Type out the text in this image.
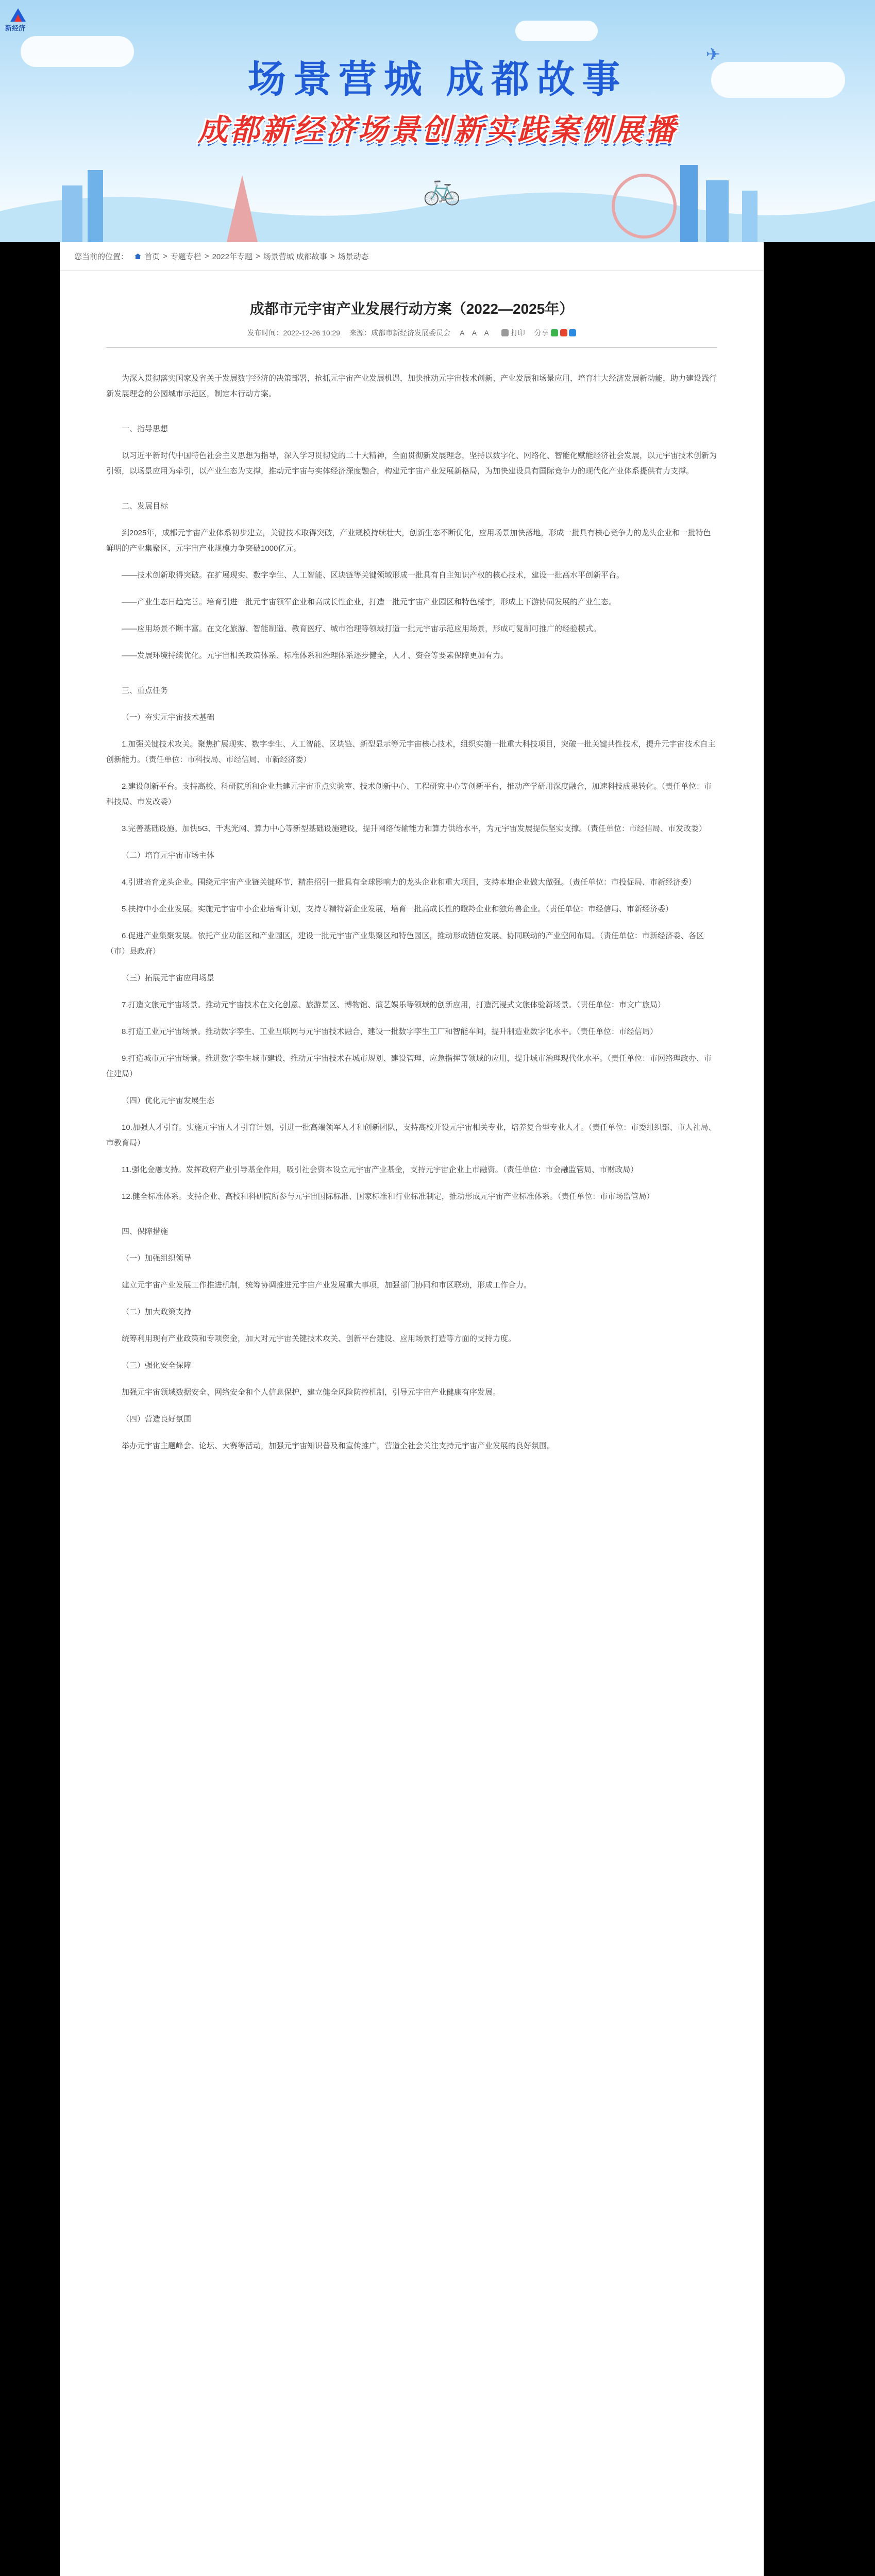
新经济
✈
场景营城 成都故事
成都新经济场景创新实践案例展播
🚲
您当前的位置： 首页 > 专题专栏 > 2022年专题 > 场景营城 成都故事 > 场景动态
成都市元宇宙产业发展行动方案（2022—2025年）
发布时间：2022-12-26 10:29 来源：成都市新经济发展委员会 A A A	打印 分享

为深入贯彻落实国家及省关于发展数字经济的决策部署，抢抓元宇宙产业发展机遇，加快推动元宇宙技术创新、产业发展和场景应用，培育壮大经济发展新动能，助力建设践行新发展理念的公园城市示范区，制定本行动方案。

一、指导思想

以习近平新时代中国特色社会主义思想为指导，深入学习贯彻党的二十大精神，全面贯彻新发展理念，坚持以数字化、网络化、智能化赋能经济社会发展，以元宇宙技术创新为引领，以场景应用为牵引，以产业生态为支撑，推动元宇宙与实体经济深度融合，构建元宇宙产业发展新格局，为加快建设具有国际竞争力的现代化产业体系提供有力支撑。

二、发展目标

到2025年，成都元宇宙产业体系初步建立，关键技术取得突破，产业规模持续壮大，创新生态不断优化，应用场景加快落地，形成一批具有核心竞争力的龙头企业和一批特色鲜明的产业集聚区，元宇宙产业规模力争突破1000亿元。

——技术创新取得突破。在扩展现实、数字孪生、人工智能、区块链等关键领域形成一批具有自主知识产权的核心技术，建设一批高水平创新平台。

——产业生态日趋完善。培育引进一批元宇宙领军企业和高成长性企业，打造一批元宇宙产业园区和特色楼宇，形成上下游协同发展的产业生态。

——应用场景不断丰富。在文化旅游、智能制造、教育医疗、城市治理等领域打造一批元宇宙示范应用场景，形成可复制可推广的经验模式。

——发展环境持续优化。元宇宙相关政策体系、标准体系和治理体系逐步健全，人才、资金等要素保障更加有力。

三、重点任务

（一）夯实元宇宙技术基础

1.加强关键技术攻关。聚焦扩展现实、数字孪生、人工智能、区块链、新型显示等元宇宙核心技术，组织实施一批重大科技项目，突破一批关键共性技术，提升元宇宙技术自主创新能力。（责任单位：市科技局、市经信局、市新经济委）

2.建设创新平台。支持高校、科研院所和企业共建元宇宙重点实验室、技术创新中心、工程研究中心等创新平台，推动产学研用深度融合，加速科技成果转化。（责任单位：市科技局、市发改委）

3.完善基础设施。加快5G、千兆光网、算力中心等新型基础设施建设，提升网络传输能力和算力供给水平，为元宇宙发展提供坚实支撑。（责任单位：市经信局、市发改委）

（二）培育元宇宙市场主体

4.引进培育龙头企业。围绕元宇宙产业链关键环节，精准招引一批具有全球影响力的龙头企业和重大项目，支持本地企业做大做强。（责任单位：市投促局、市新经济委）

5.扶持中小企业发展。实施元宇宙中小企业培育计划，支持专精特新企业发展，培育一批高成长性的瞪羚企业和独角兽企业。（责任单位：市经信局、市新经济委）

6.促进产业集聚发展。依托产业功能区和产业园区，建设一批元宇宙产业集聚区和特色园区，推动形成错位发展、协同联动的产业空间布局。（责任单位：市新经济委、各区（市）县政府）

（三）拓展元宇宙应用场景

7.打造文旅元宇宙场景。推动元宇宙技术在文化创意、旅游景区、博物馆、演艺娱乐等领域的创新应用，打造沉浸式文旅体验新场景。（责任单位：市文广旅局）

8.打造工业元宇宙场景。推动数字孪生、工业互联网与元宇宙技术融合，建设一批数字孪生工厂和智能车间，提升制造业数字化水平。（责任单位：市经信局）

9.打造城市元宇宙场景。推进数字孪生城市建设，推动元宇宙技术在城市规划、建设管理、应急指挥等领域的应用，提升城市治理现代化水平。（责任单位：市网络理政办、市住建局）

（四）优化元宇宙发展生态

10.加强人才引育。实施元宇宙人才引育计划，引进一批高端领军人才和创新团队，支持高校开设元宇宙相关专业，培养复合型专业人才。（责任单位：市委组织部、市人社局、市教育局）

11.强化金融支持。发挥政府产业引导基金作用，吸引社会资本设立元宇宙产业基金，支持元宇宙企业上市融资。（责任单位：市金融监管局、市财政局）

12.健全标准体系。支持企业、高校和科研院所参与元宇宙国际标准、国家标准和行业标准制定，推动形成元宇宙产业标准体系。（责任单位：市市场监管局）

四、保障措施

（一）加强组织领导

建立元宇宙产业发展工作推进机制，统筹协调推进元宇宙产业发展重大事项，加强部门协同和市区联动，形成工作合力。

（二）加大政策支持

统筹利用现有产业政策和专项资金，加大对元宇宙关键技术攻关、创新平台建设、应用场景打造等方面的支持力度。

（三）强化安全保障

加强元宇宙领域数据安全、网络安全和个人信息保护，建立健全风险防控机制，引导元宇宙产业健康有序发展。

（四）营造良好氛围

举办元宇宙主题峰会、论坛、大赛等活动，加强元宇宙知识普及和宣传推广，营造全社会关注支持元宇宙产业发展的良好氛围。
